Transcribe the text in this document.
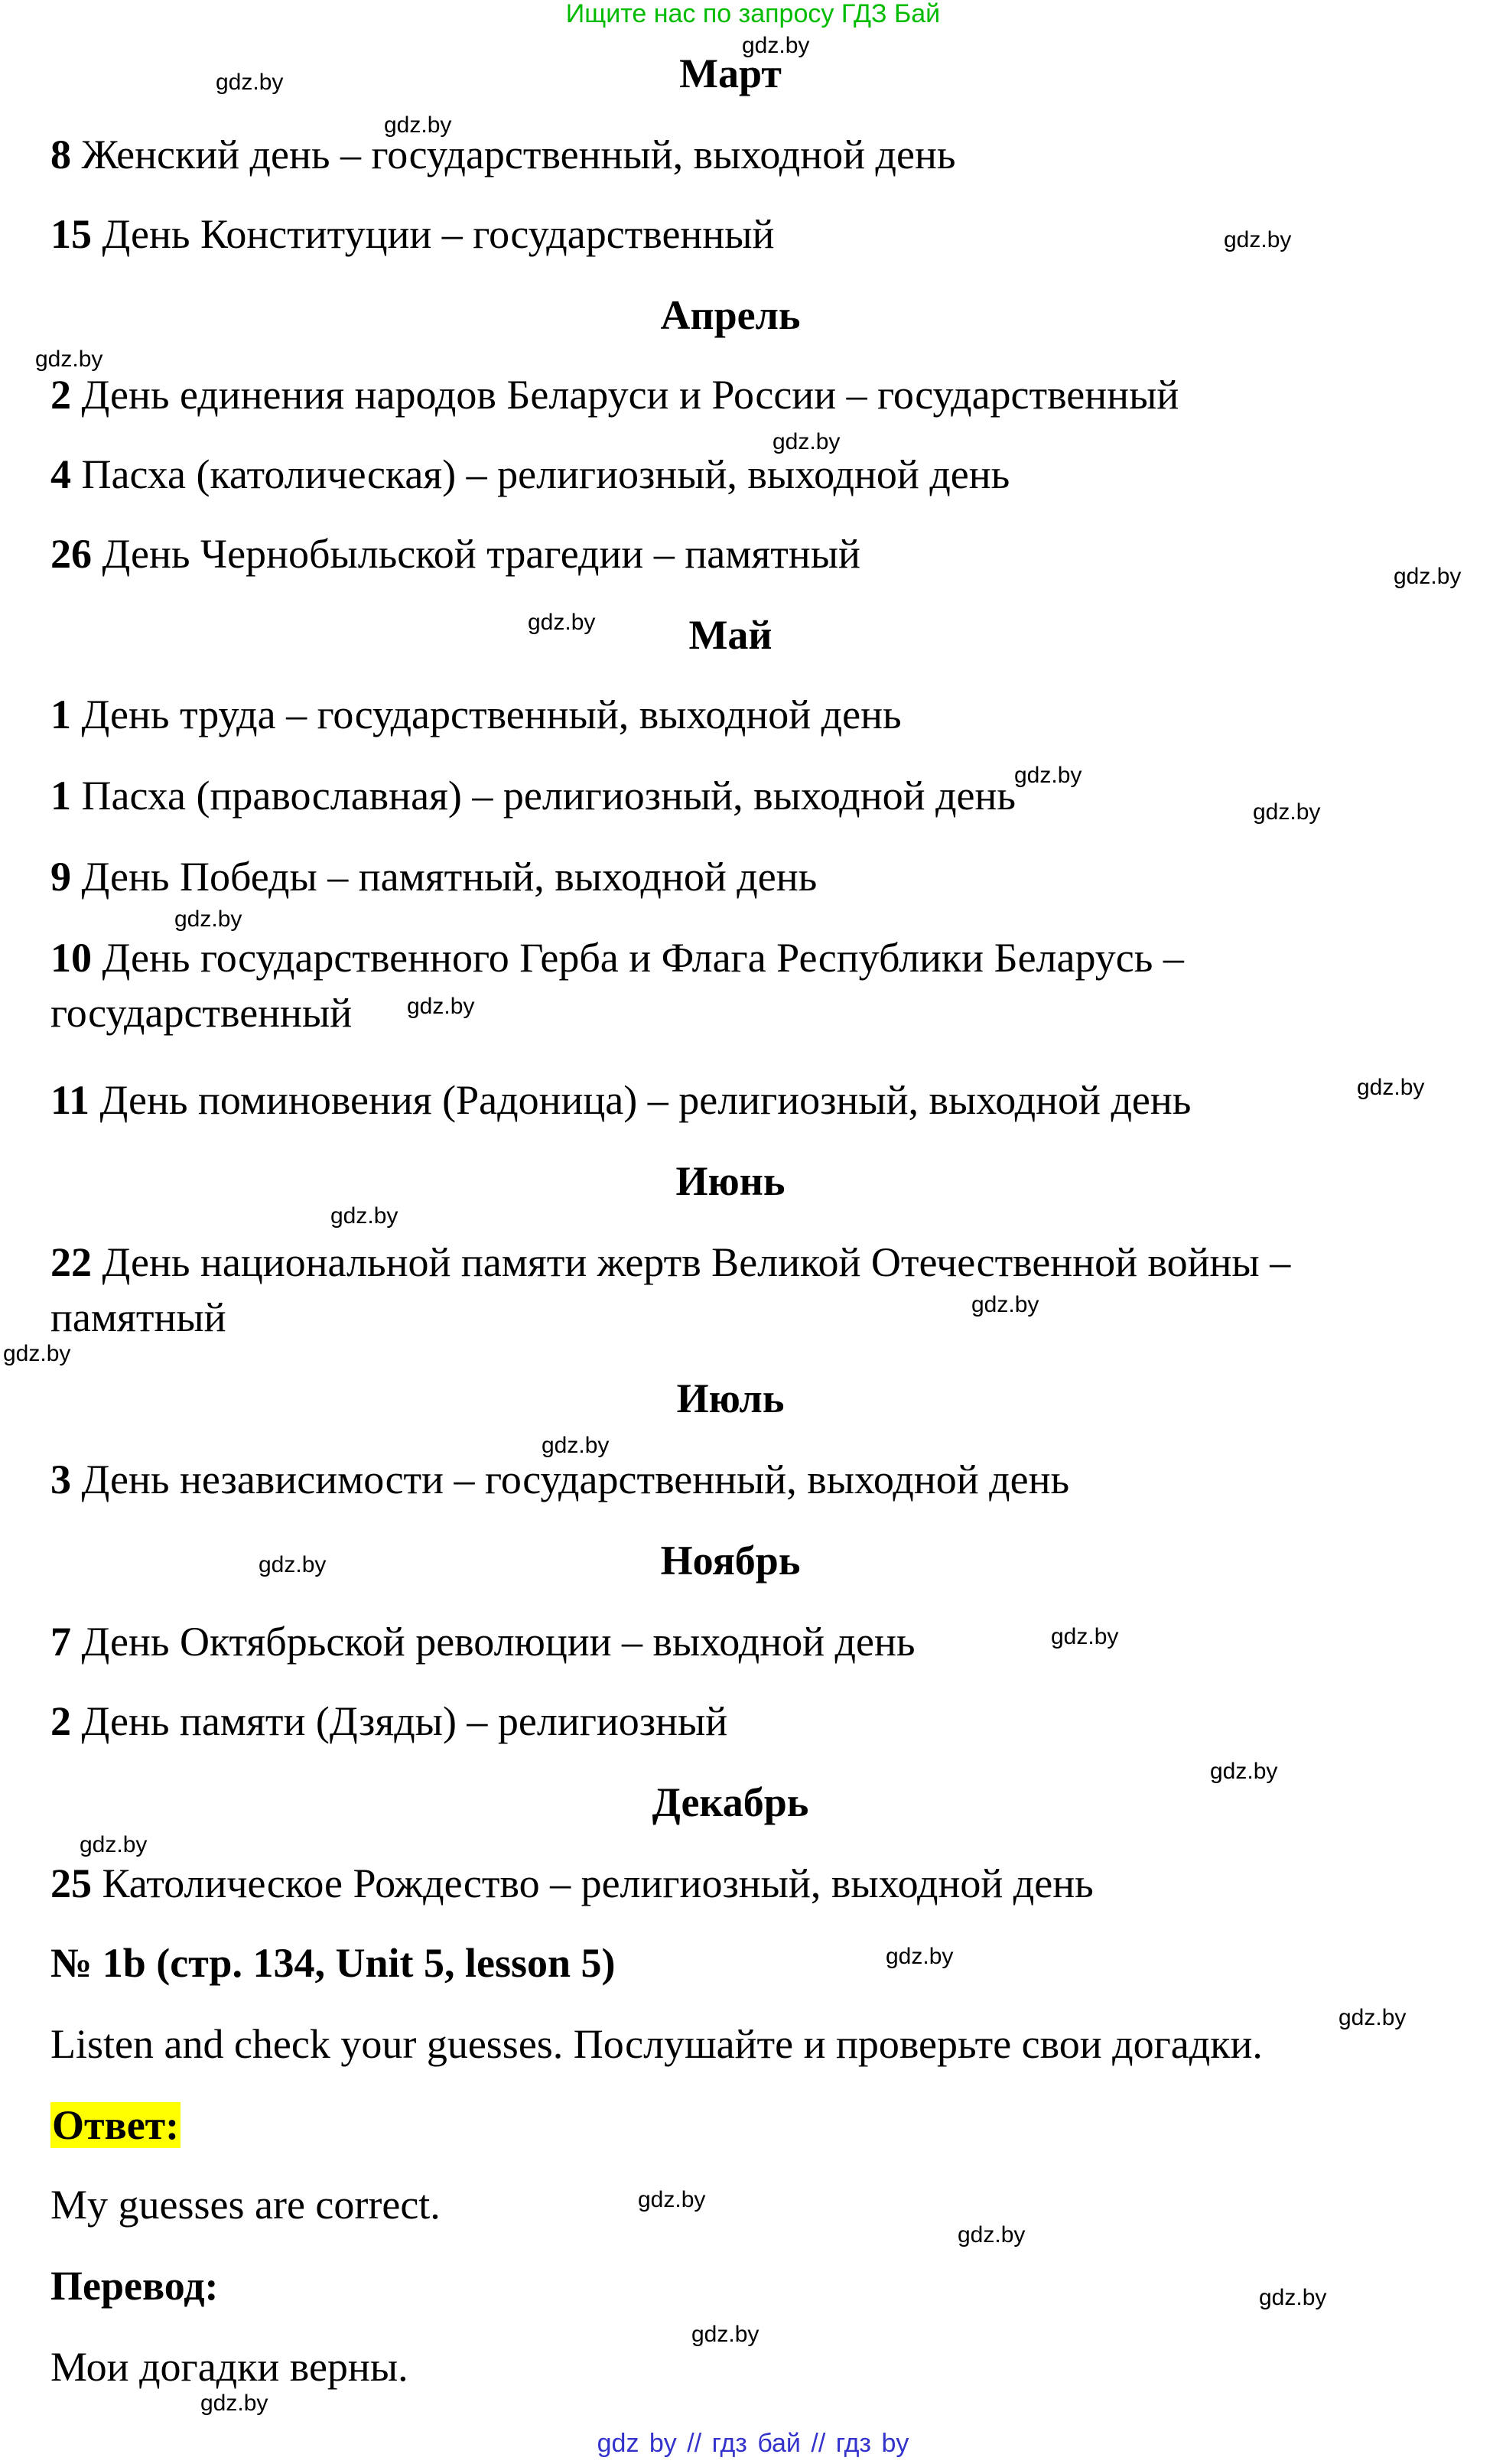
Ищите нас по запросу ГДЗ Бай
Март
8 Женский день – государственный, выходной день
15 День Конституции – государственный
Апрель
2 День единения народов Беларуси и России – государственный
4 Пасха (католическая) – религиозный, выходной день
26 День Чернобыльской трагедии – памятный
Май
1 День труда – государственный, выходной день
1 Пасха (православная) – религиозный, выходной день
9 День Победы – памятный, выходной день
10 День государственного Герба и Флага Республики Беларусь – государственный
11 День поминовения (Радоница) – религиозный, выходной день
Июнь
22 День национальной памяти жертв Великой Отечественной войны – памятный
Июль
3 День независимости – государственный, выходной день
Ноябрь
7 День Октябрьской революции – выходной день
2 День памяти (Дзяды) – религиозный
Декабрь
25 Католическое Рождество – религиозный, выходной день
№ 1b (стр. 134, Unit 5, lesson 5)
Listen and check your guesses. Послушайте и проверьте свои догадки.
Ответ:
My guesses are correct.
Перевод:
Мои догадки верны.
gdz.by
gdz.by
gdz.by
gdz.by
gdz.by
gdz.by
gdz.by
gdz.by
gdz.by
gdz.by
gdz.by
gdz.by
gdz.by
gdz.by
gdz.by
gdz.by
gdz.by
gdz.by
gdz.by
gdz.by
gdz.by
gdz.by
gdz.by
gdz.by
gdz.by
gdz.by
gdz.by
gdz.by
gdz by // гдз бай // гдз by
